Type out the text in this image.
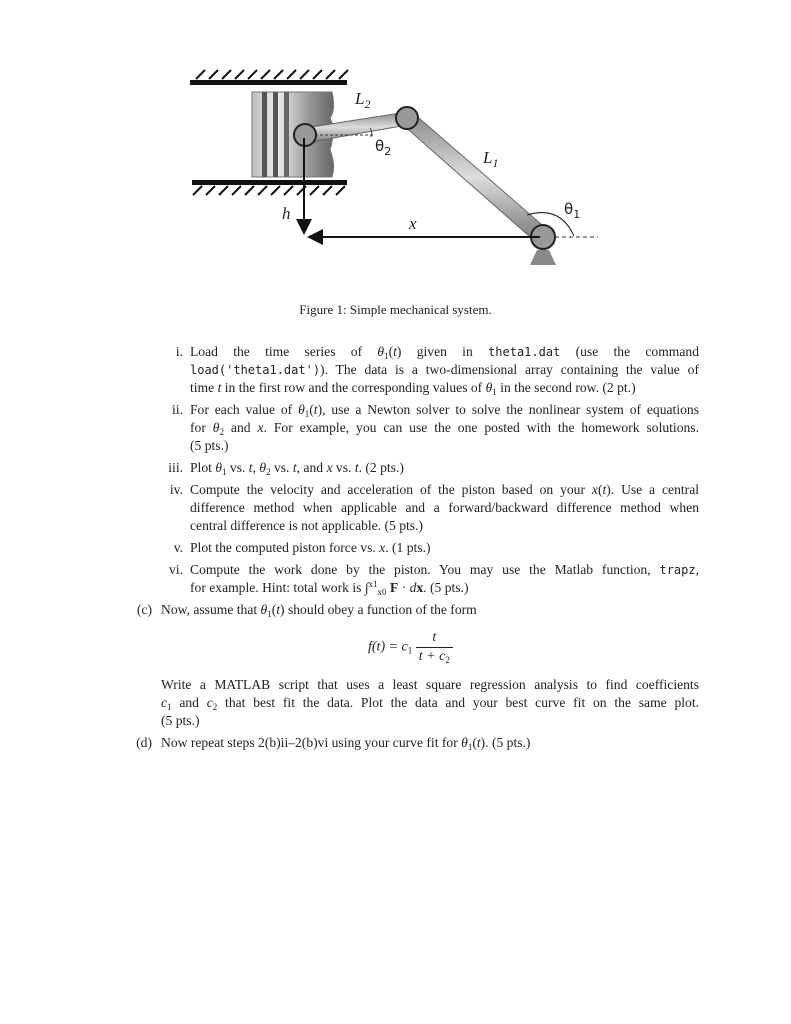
$L_2$
$\theta_2$	$L_1$
$\theta_1$
h
x
Figure 1: Simple mechanical system.
i. Load the time series of $\theta_1(t)$ given in theta1.dat (use the command
load('theta1.dat')). The data is a two-dimensional array containing the value of
time t in the first row and the corresponding values of $\theta_1$ in the second row. (2 pt.)
ii. For each value of $\theta_1(t)$, use a Newton solver to solve the nonlinear system of equations
for $\theta_2$ and x. For example, you can use the one posted with the homework solutions.
(5 pts.)
iii. Plot $\theta_1$ vs. t, $\theta_2$ vs. t, and x vs. t. (2 pts.)
iv. Compute the velocity and acceleration of the piston based on your x(t). Use a central
difference method when applicable and a forward/backward difference method when
central difference is not applicable. (5 pts.)
v. Plot the computed piston force vs. x. (1 pts.)
vi. Compute the work done by the piston. You may use the Matlab function, trapz,
for example. Hint: total work is ∫$^{x1}_{x0}$ F · dx. (5 pts.)
(c) Now, assume that $\theta_1(t)$ should obey a function of the form
$f(t) = c_1 \frac{t}{t + c_2}$
Write a MATLAB script that uses a least square regression analysis to find coefficients
$c_1$ and $c_2$ that best fit the data. Plot the data and your best curve fit on the same plot.
(5 pts.)
(d) Now repeat steps 2(b)ii–2(b)vi using your curve fit for $\theta_1(t)$. (5 pts.)
